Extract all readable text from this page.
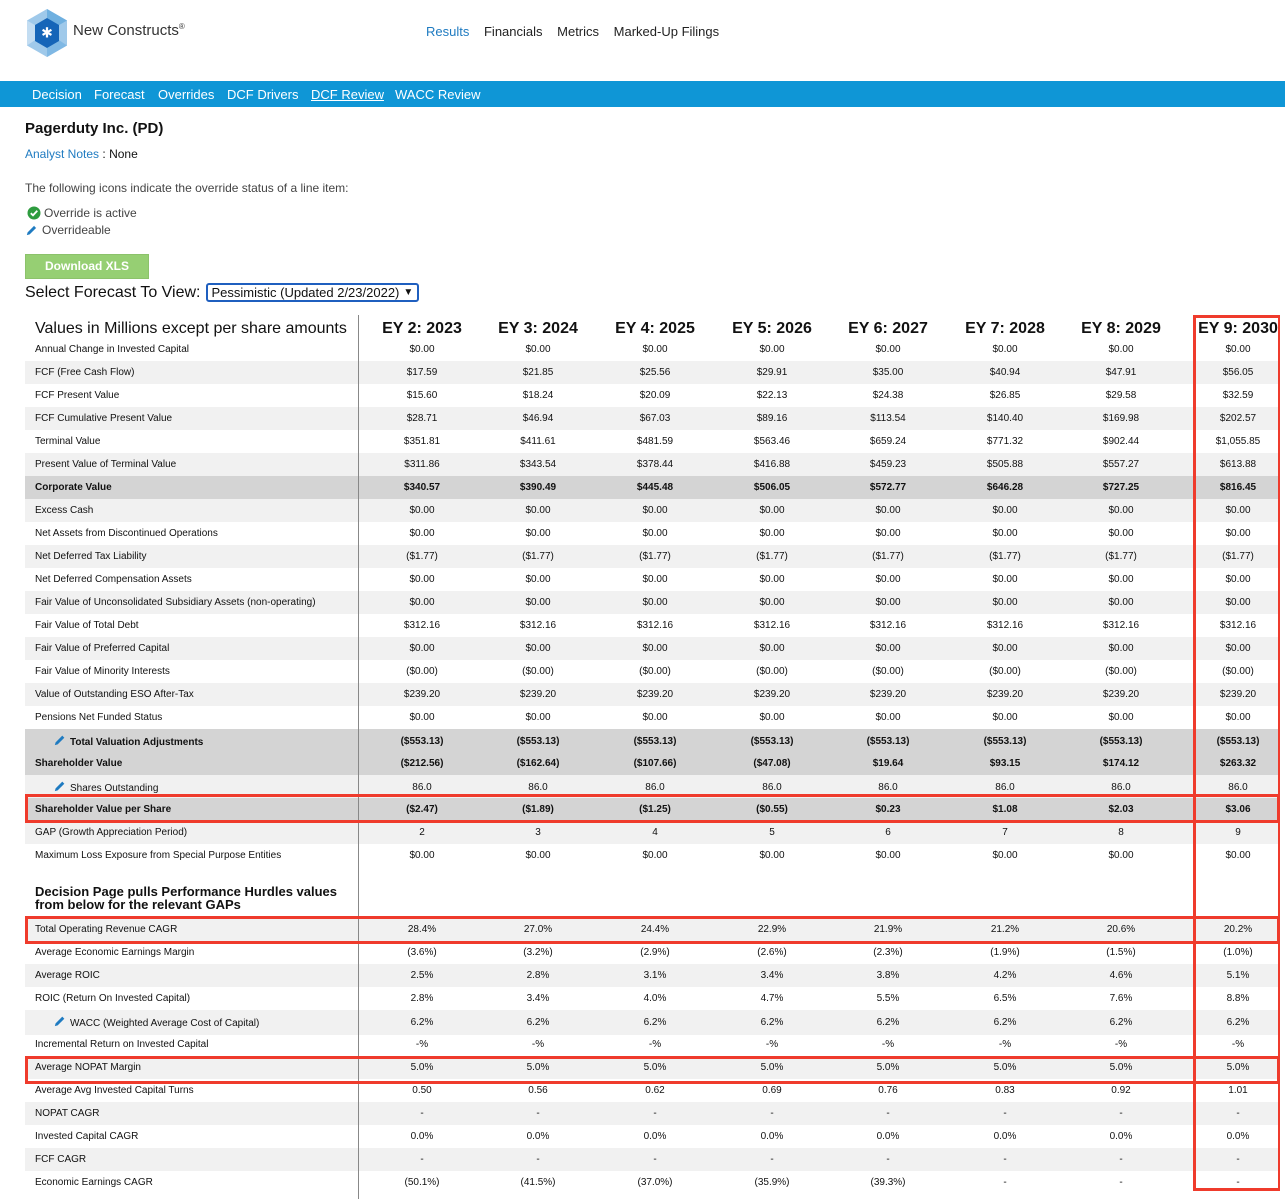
✱ New Constructs®	Results Financials Metrics Marked-Up Filings
Decision Forecast Overrides DCF Drivers DCF Review WACC Review
Pagerduty Inc. (PD)
Analyst Notes : None
The following icons indicate the override status of a line item:
Override is active
Overrideable
Download XLS
Select Forecast To View: Pessimistic (Updated 2/23/2022) ▼
Values in Millions except per share amounts	EY 2: 2023	EY 3: 2024	EY 4: 2025	EY 5: 2026	EY 6: 2027	EY 7: 2028	EY 8: 2029	EY 9: 2030
Annual Change in Invested Capital	$0.00	$0.00	$0.00	$0.00	$0.00	$0.00	$0.00	$0.00
FCF (Free Cash Flow)	$17.59	$21.85	$25.56	$29.91	$35.00	$40.94	$47.91	$56.05
FCF Present Value	$15.60	$18.24	$20.09	$22.13	$24.38	$26.85	$29.58	$32.59
FCF Cumulative Present Value	$28.71	$46.94	$67.03	$89.16	$113.54	$140.40	$169.98	$202.57
Terminal Value	$351.81	$411.61	$481.59	$563.46	$659.24	$771.32	$902.44	$1,055.85
Present Value of Terminal Value	$311.86	$343.54	$378.44	$416.88	$459.23	$505.88	$557.27	$613.88
Corporate Value	$340.57	$390.49	$445.48	$506.05	$572.77	$646.28	$727.25	$816.45
Excess Cash	$0.00	$0.00	$0.00	$0.00	$0.00	$0.00	$0.00	$0.00
Net Assets from Discontinued Operations	$0.00	$0.00	$0.00	$0.00	$0.00	$0.00	$0.00	$0.00
Net Deferred Tax Liability	($1.77)	($1.77)	($1.77)	($1.77)	($1.77)	($1.77)	($1.77)	($1.77)
Net Deferred Compensation Assets	$0.00	$0.00	$0.00	$0.00	$0.00	$0.00	$0.00	$0.00
Fair Value of Unconsolidated Subsidiary Assets (non-operating)	$0.00	$0.00	$0.00	$0.00	$0.00	$0.00	$0.00	$0.00
Fair Value of Total Debt	$312.16	$312.16	$312.16	$312.16	$312.16	$312.16	$312.16	$312.16
Fair Value of Preferred Capital	$0.00	$0.00	$0.00	$0.00	$0.00	$0.00	$0.00	$0.00
Fair Value of Minority Interests	($0.00)	($0.00)	($0.00)	($0.00)	($0.00)	($0.00)	($0.00)	($0.00)
Value of Outstanding ESO After-Tax	$239.20	$239.20	$239.20	$239.20	$239.20	$239.20	$239.20	$239.20
Pensions Net Funded Status	$0.00	$0.00	$0.00	$0.00	$0.00	$0.00	$0.00	$0.00
Total Valuation Adjustments	($553.13)	($553.13)	($553.13)	($553.13)	($553.13)	($553.13)	($553.13)	($553.13)
Shareholder Value	($212.56)	($162.64)	($107.66)	($47.08)	$19.64	$93.15	$174.12	$263.32
Shares Outstanding	86.0	86.0	86.0	86.0	86.0	86.0	86.0	86.0
Shareholder Value per Share	($2.47)	($1.89)	($1.25)	($0.55)	$0.23	$1.08	$2.03	$3.06
GAP (Growth Appreciation Period)	2	3	4	5	6	7	8	9
Maximum Loss Exposure from Special Purpose Entities	$0.00	$0.00	$0.00	$0.00	$0.00	$0.00	$0.00	$0.00
Total Operating Revenue CAGR	28.4%	27.0%	24.4%	22.9%	21.9%	21.2%	20.6%	20.2%
Average Economic Earnings Margin	(3.6%)	(3.2%)	(2.9%)	(2.6%)	(2.3%)	(1.9%)	(1.5%)	(1.0%)
Average ROIC	2.5%	2.8%	3.1%	3.4%	3.8%	4.2%	4.6%	5.1%
ROIC (Return On Invested Capital)	2.8%	3.4%	4.0%	4.7%	5.5%	6.5%	7.6%	8.8%
WACC (Weighted Average Cost of Capital)	6.2%	6.2%	6.2%	6.2%	6.2%	6.2%	6.2%	6.2%
Incremental Return on Invested Capital	-%	-%	-%	-%	-%	-%	-%	-%
Average NOPAT Margin	5.0%	5.0%	5.0%	5.0%	5.0%	5.0%	5.0%	5.0%
Average Avg Invested Capital Turns	0.50	0.56	0.62	0.69	0.76	0.83	0.92	1.01
NOPAT CAGR	-	-	-	-	-	-	-	-
Invested Capital CAGR	0.0%	0.0%	0.0%	0.0%	0.0%	0.0%	0.0%	0.0%
FCF CAGR	-	-	-	-	-	-	-	-
Economic Earnings CAGR	(50.1%)	(41.5%)	(37.0%)	(35.9%)	(39.3%)	-	-	-
Decision Page pulls Performance Hurdles values from below for the relevant GAPs
